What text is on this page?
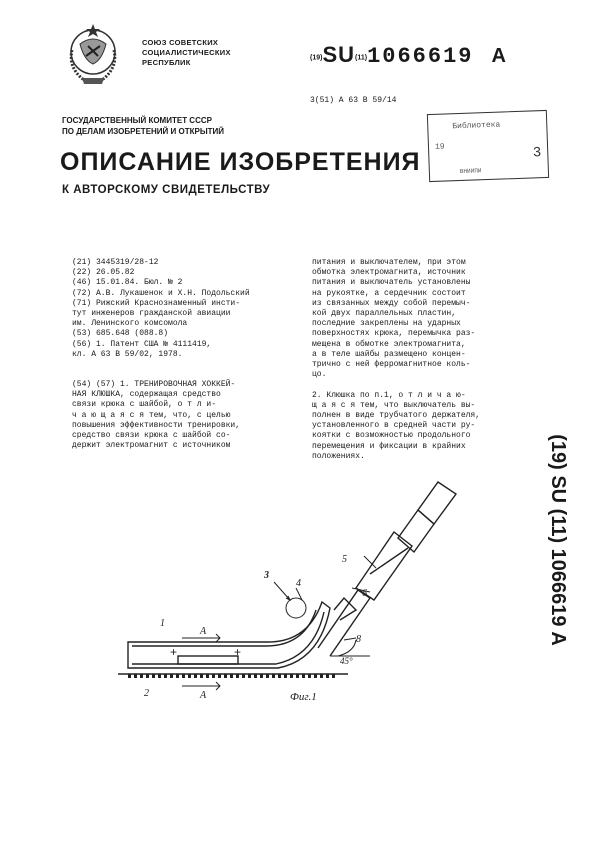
СОЮЗ СОВЕТСКИХ
СОЦИАЛИСТИЧЕСКИХ
РЕСПУБЛИК
(19)SU(11)1066619 A
3(51) А 63 В 59/14
Библиотека
19	3
ВНИИПИ
ГОСУДАРСТВЕННЫЙ КОМИТЕТ СССР
ПО ДЕЛАМ ИЗОБРЕТЕНИЙ И ОТКРЫТИЙ
ОПИСАНИЕ ИЗОБРЕТЕНИЯ
К АВТОРСКОМУ СВИДЕТЕЛЬСТВУ
(21) 3445319/28-12
(22) 26.05.82
(46) 15.01.84. Бюл. № 2
(72) А.В. Лукашенок и Х.Н. Подольский
(71) Рижский Краснознаменный инсти-
тут инженеров гражданской авиации
им. Ленинского комсомола
(53) 685.648 (088.8)
(56) 1. Патент США № 4111419,
кл. А 63 В 59/02, 1978.
(54) (57) 1. ТРЕНИРОВОЧНАЯ ХОККЕЙ-
НАЯ КЛЮШКА, содержащая средство
связи крюка с шайбой, о т л и-
ч а ю щ а я с я тем, что, с целью
повышения эффективности тренировки,
средство связи крюка с шайбой со-
держит электромагнит с источником
питания и выключателем, при этом
обмотка электромагнита, источник
питания и выключатель установлены
на рукоятке, а сердечник состоит
из связанных между собой перемыч-
кой двух параллельных пластин,
последние закреплены на ударных
поверхностях крюка, перемычка раз-
мещена в обмотке электромагнита,
а в теле шайбы размещено концен-
трично с ней ферромагнитное коль-
цо.

2. Клюшка по п.1, о т л и ч а ю-
щ а я с я тем, что выключатель вы-
полнен в виде трубчатого держателя,
установленного в средней части ру-
коятки с возможностью продольного
перемещения и фиксации в крайних
положениях.	(19) SU (11) 1066619 A
+
+
1
2
3
4
5
6
8
А
А
45°
Фиг.1
